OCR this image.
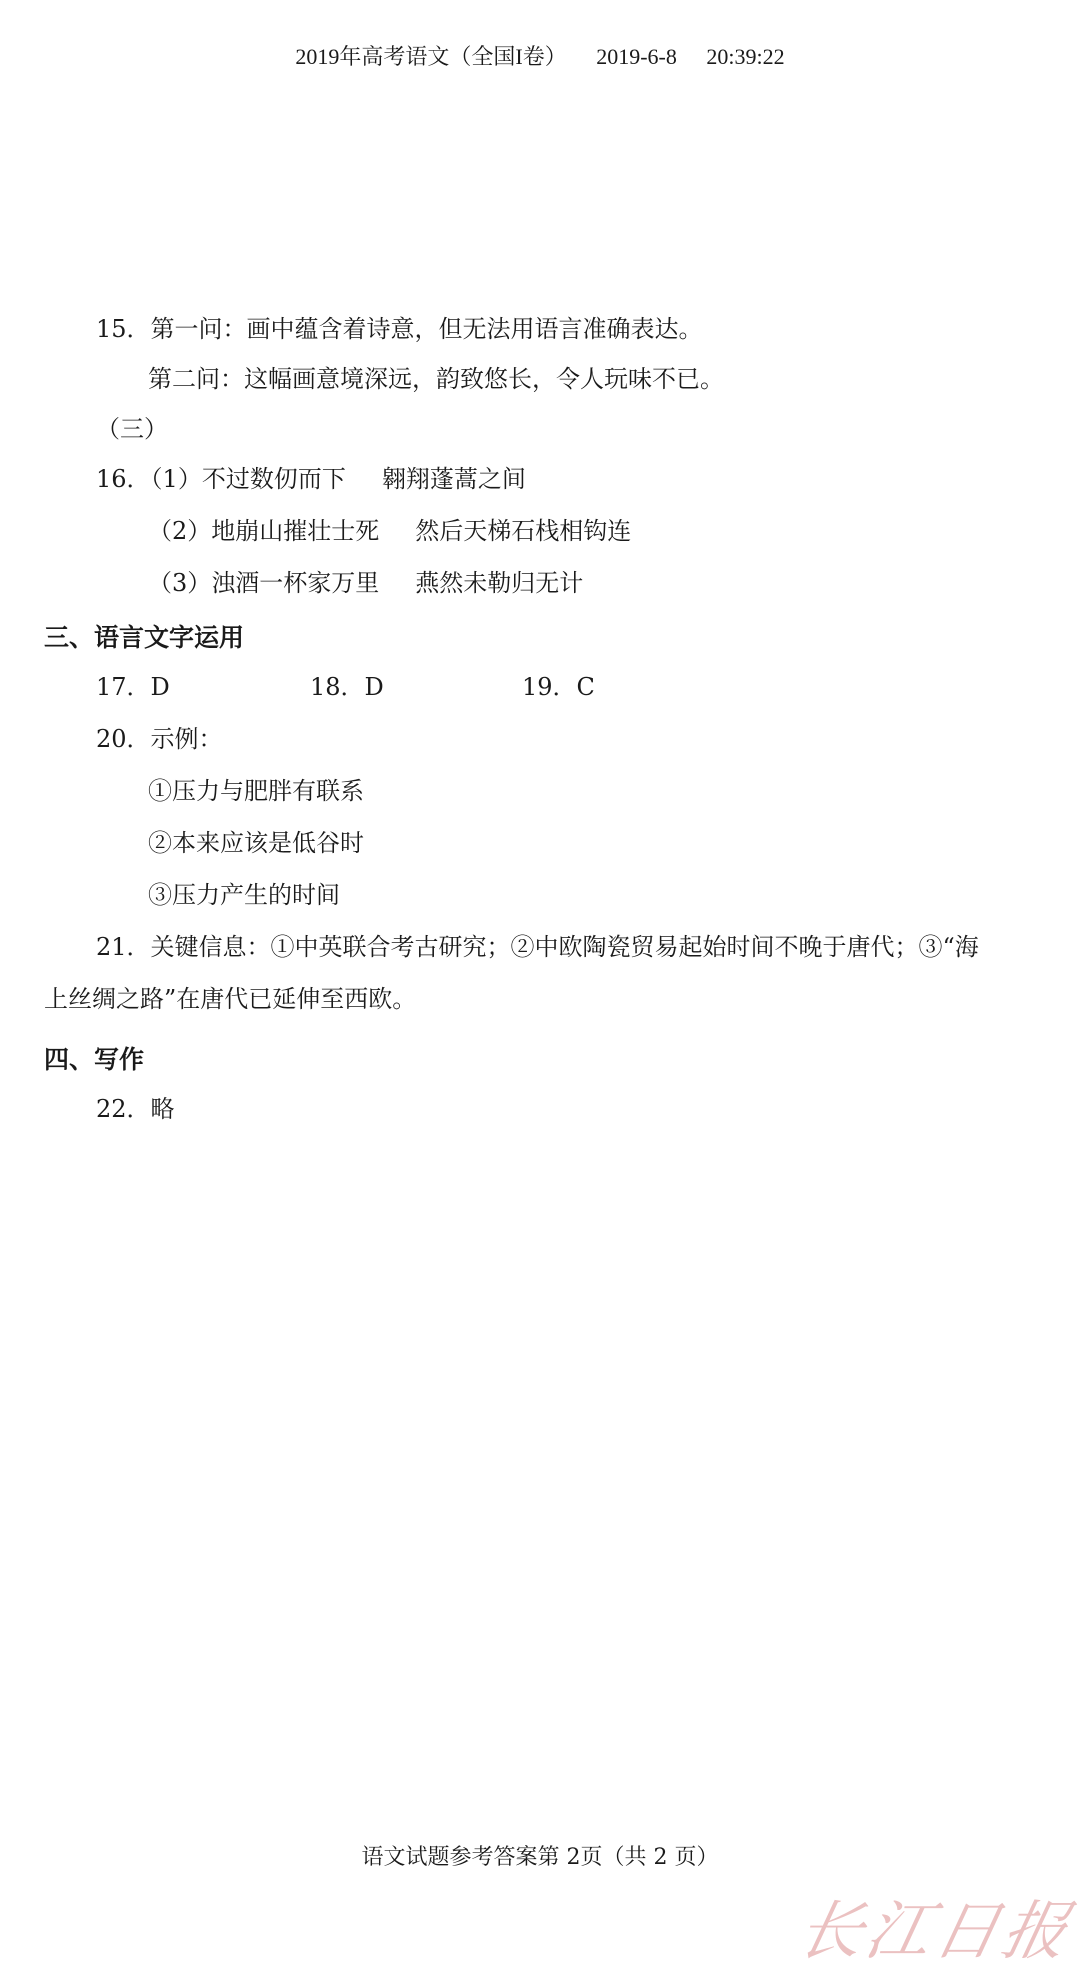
2019年高考语文（全国I卷） 2019-6-8 20:39:22
15．第一问：画中蕴含着诗意，但无法用语言准确表达。
第二问：这幅画意境深远，韵致悠长，令人玩味不已。
（三）
16．（1）不过数仞而下 翱翔蓬蒿之间
（2）地崩山摧壮士死 然后天梯石栈相钩连
（3）浊酒一杯家万里 燕然未勒归无计
三、语言文字运用
17．D	18．D	19．C
20．示例：
①压力与肥胖有联系
②本来应该是低谷时
③压力产生的时间
21．关键信息：①中英联合考古研究；②中欧陶瓷贸易起始时间不晚于唐代；③“海
上丝绸之路”在唐代已延伸至西欧。
四、写作
22．略
语文试题参考答案第 2页（共 2 页）
长江日报
